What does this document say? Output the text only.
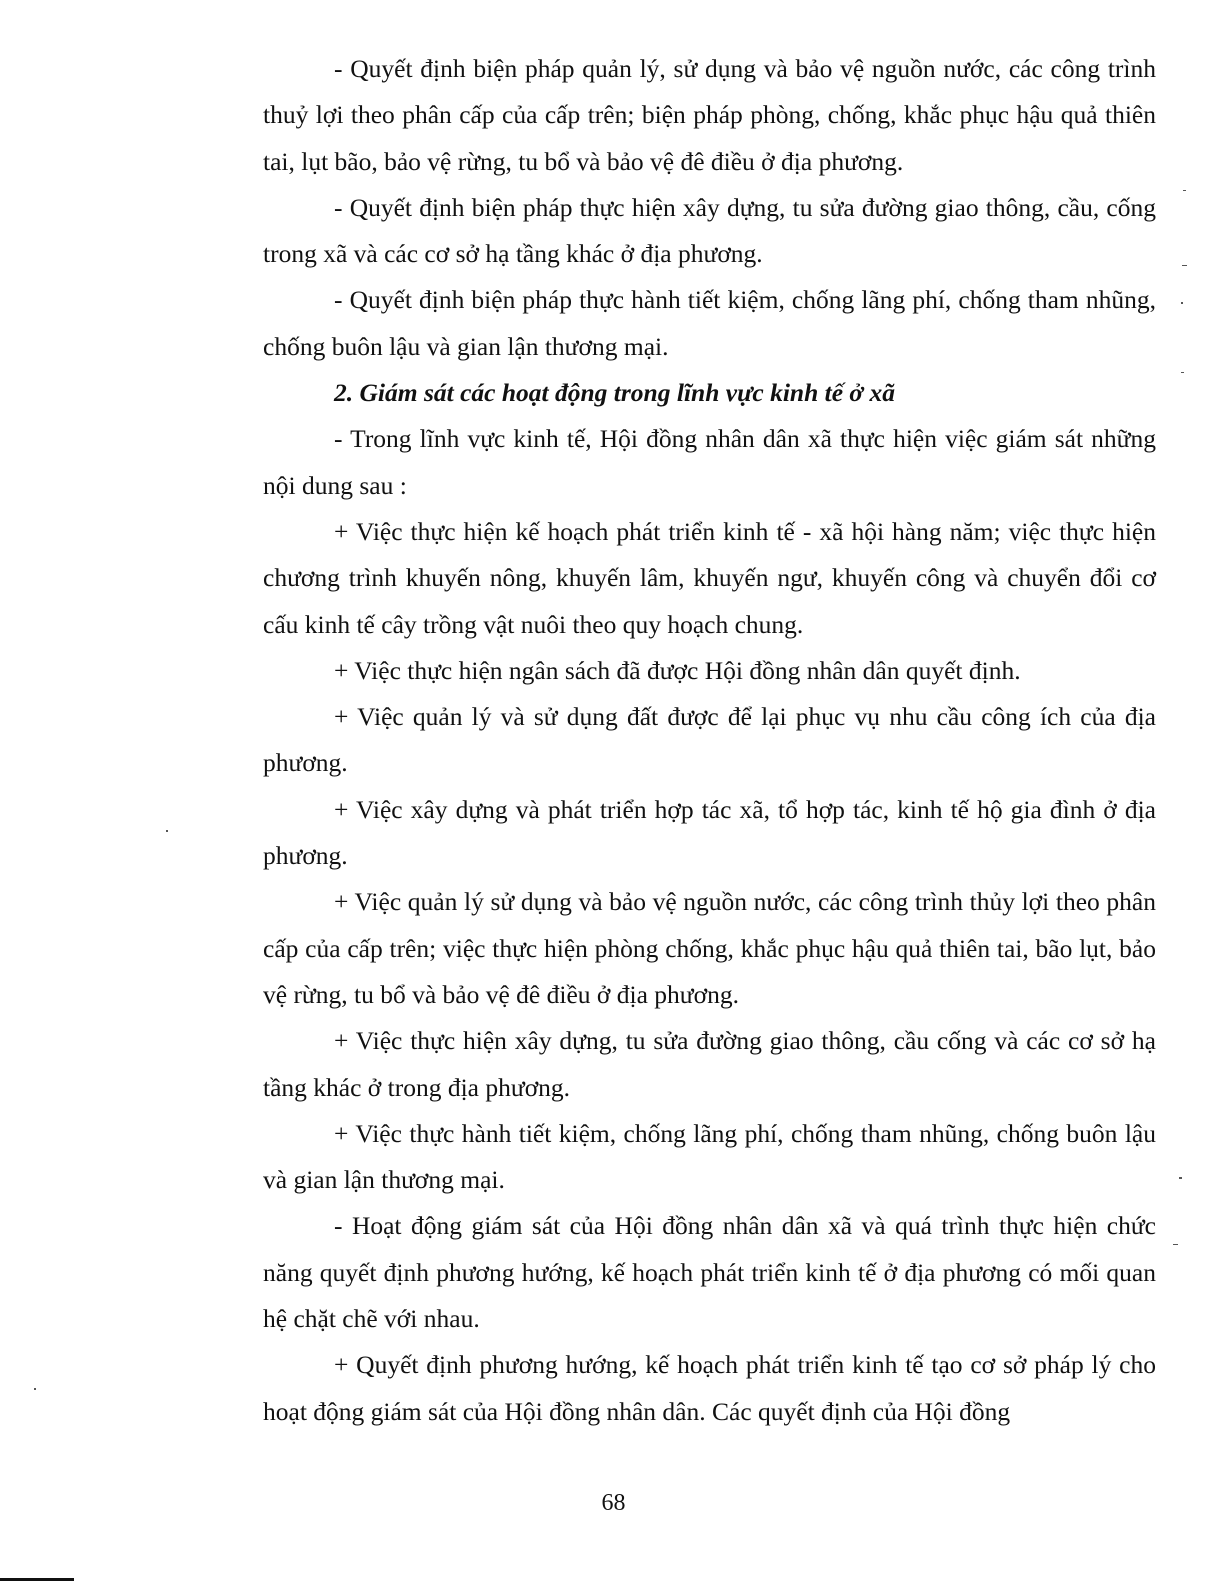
- Quyết định biện pháp quản lý, sử dụng và bảo vệ nguồn nước, các công trình thuỷ lợi theo phân cấp của cấp trên; biện pháp phòng, chống, khắc phục hậu quả thiên tai, lụt bão, bảo vệ rừng, tu bổ và bảo vệ đê điều ở địa phương.

- Quyết định biện pháp thực hiện xây dựng, tu sửa đường giao thông, cầu, cống trong xã và các cơ sở hạ tầng khác ở địa phương.

- Quyết định biện pháp thực hành tiết kiệm, chống lãng phí, chống tham nhũng, chống buôn lậu và gian lận thương mại.

2. Giám sát các hoạt động trong lĩnh vực kinh tế ở xã

- Trong lĩnh vực kinh tế, Hội đồng nhân dân xã thực hiện việc giám sát những nội dung sau :

+ Việc thực hiện kế hoạch phát triển kinh tế - xã hội hàng năm; việc thực hiện chương trình khuyến nông, khuyến lâm, khuyến ngư, khuyến công và chuyển đổi cơ cấu kinh tế cây trồng vật nuôi theo quy hoạch chung.

+ Việc thực hiện ngân sách đã được Hội đồng nhân dân quyết định.

+ Việc quản lý và sử dụng đất được để lại phục vụ nhu cầu công ích của địa phương.

+ Việc xây dựng và phát triển hợp tác xã, tổ hợp tác, kinh tế hộ gia đình ở địa phương.

+ Việc quản lý sử dụng và bảo vệ nguồn nước, các công trình thủy lợi theo phân cấp của cấp trên; việc thực hiện phòng chống, khắc phục hậu quả thiên tai, bão lụt, bảo vệ rừng, tu bổ và bảo vệ đê điều ở địa phương.

+ Việc thực hiện xây dựng, tu sửa đường giao thông, cầu cống và các cơ sở hạ tầng khác ở trong địa phương.

+ Việc thực hành tiết kiệm, chống lãng phí, chống tham nhũng, chống buôn lậu và gian lận thương mại.

- Hoạt động giám sát của Hội đồng nhân dân xã và quá trình thực hiện chức năng quyết định phương hướng, kế hoạch phát triển kinh tế ở địa phương có mối quan hệ chặt chẽ với nhau.

+ Quyết định phương hướng, kế hoạch phát triển kinh tế tạo cơ sở pháp lý cho hoạt động giám sát của Hội đồng nhân dân. Các quyết định của Hội đồng

68
